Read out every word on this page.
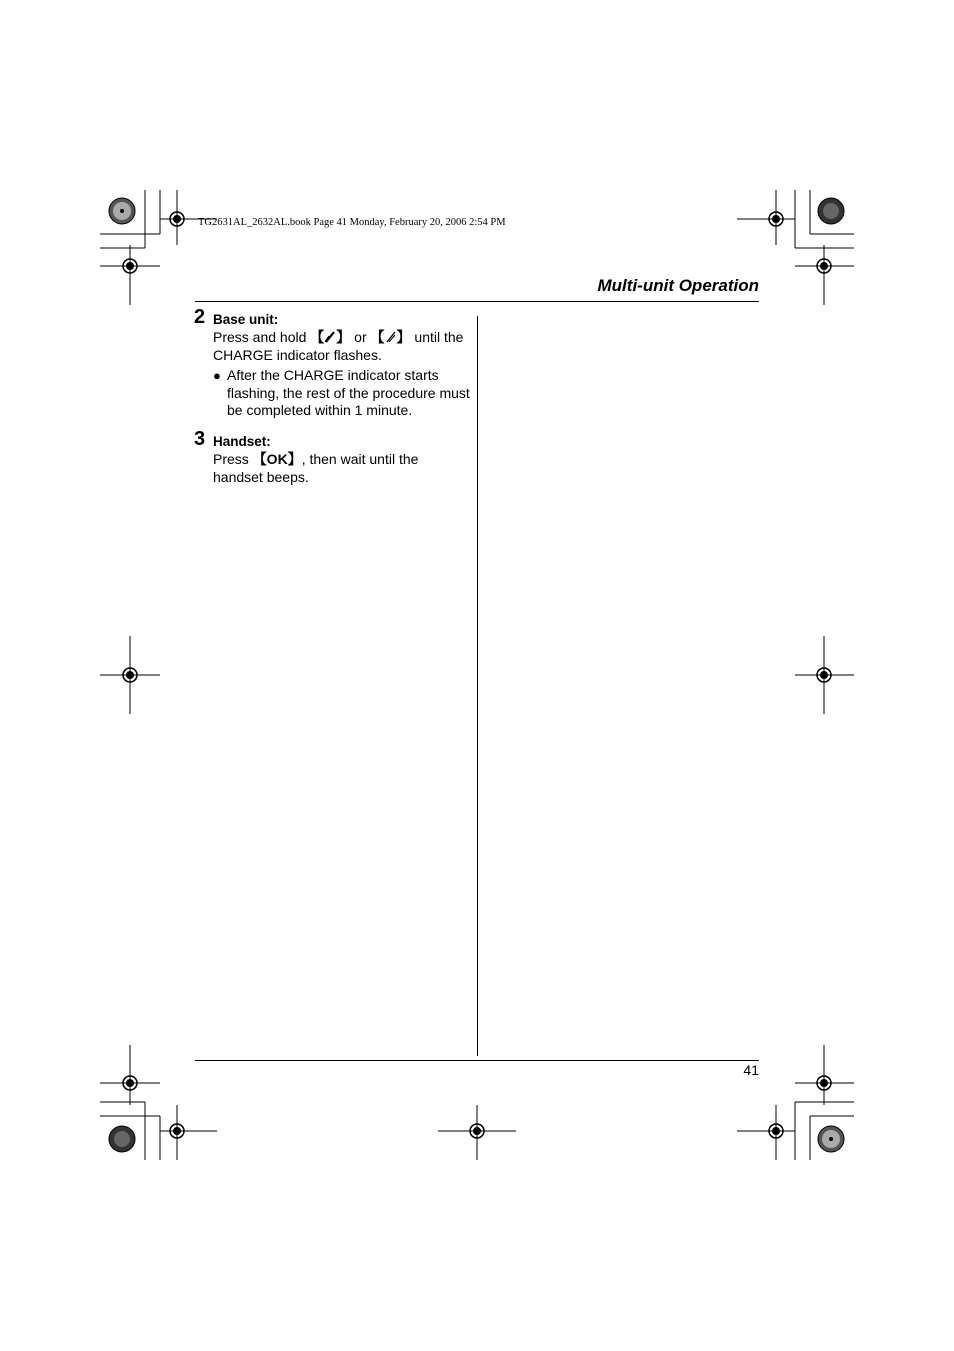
TG2631AL_2632AL.book Page 41 Monday, February 20, 2006 2:54 PM
Multi-unit Operation
2 Base unit:
Press and hold 【 】 or 【 】 until the
CHARGE indicator flashes.
● After the CHARGE indicator starts flashing, the rest of the procedure must be completed within 1 minute.
3 Handset:
Press 【OK】, then wait until the handset beeps.
41
